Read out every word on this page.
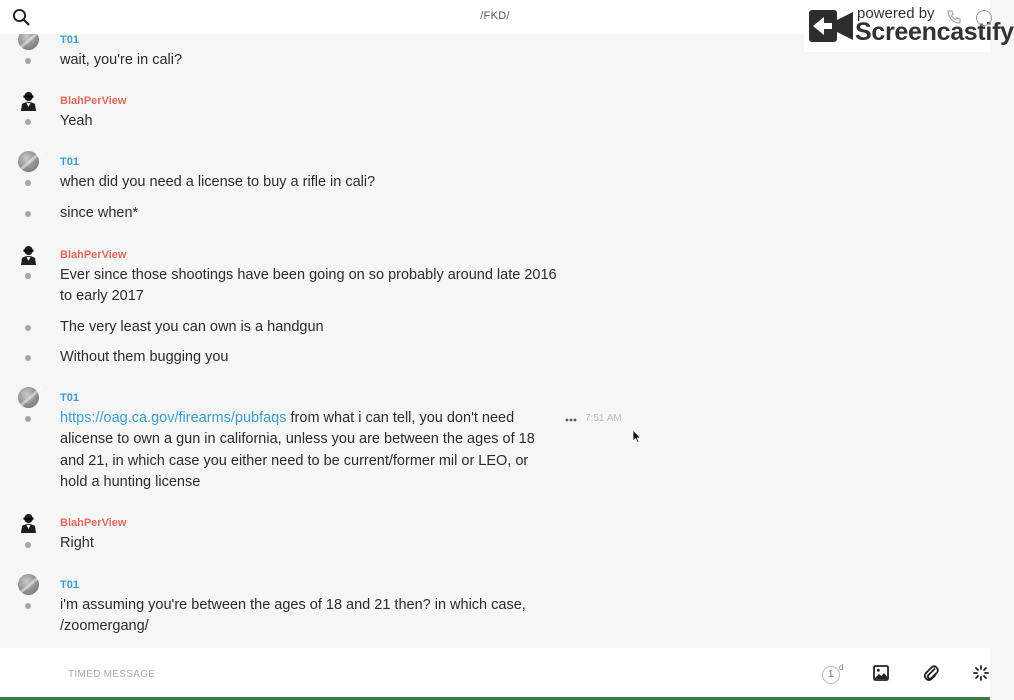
T01
wait, you're in cali?
BlahPerView
Yeah
T01
when did you need a license to buy a rifle in cali?
since when*
BlahPerView
Ever since those shootings have been going on so probably around late 2016 to early 2017
The very least you can own is a handgun
Without them bugging you
T01
https://oag.ca.gov/firearms/pubfaqs from what i can tell, you don't need alicense to own a gun in california, unless you are between the ages of 18 and 21, in which case you either need to be current/former mil or LEO, or hold a hunting license
7:51 AM
BlahPerView
Right
T01
i'm assuming you're between the ages of 18 and 21 then? in which case, /zoomergang/
/FKD/	powered by
Screencastify
TIMED MESSAGE
1
d
